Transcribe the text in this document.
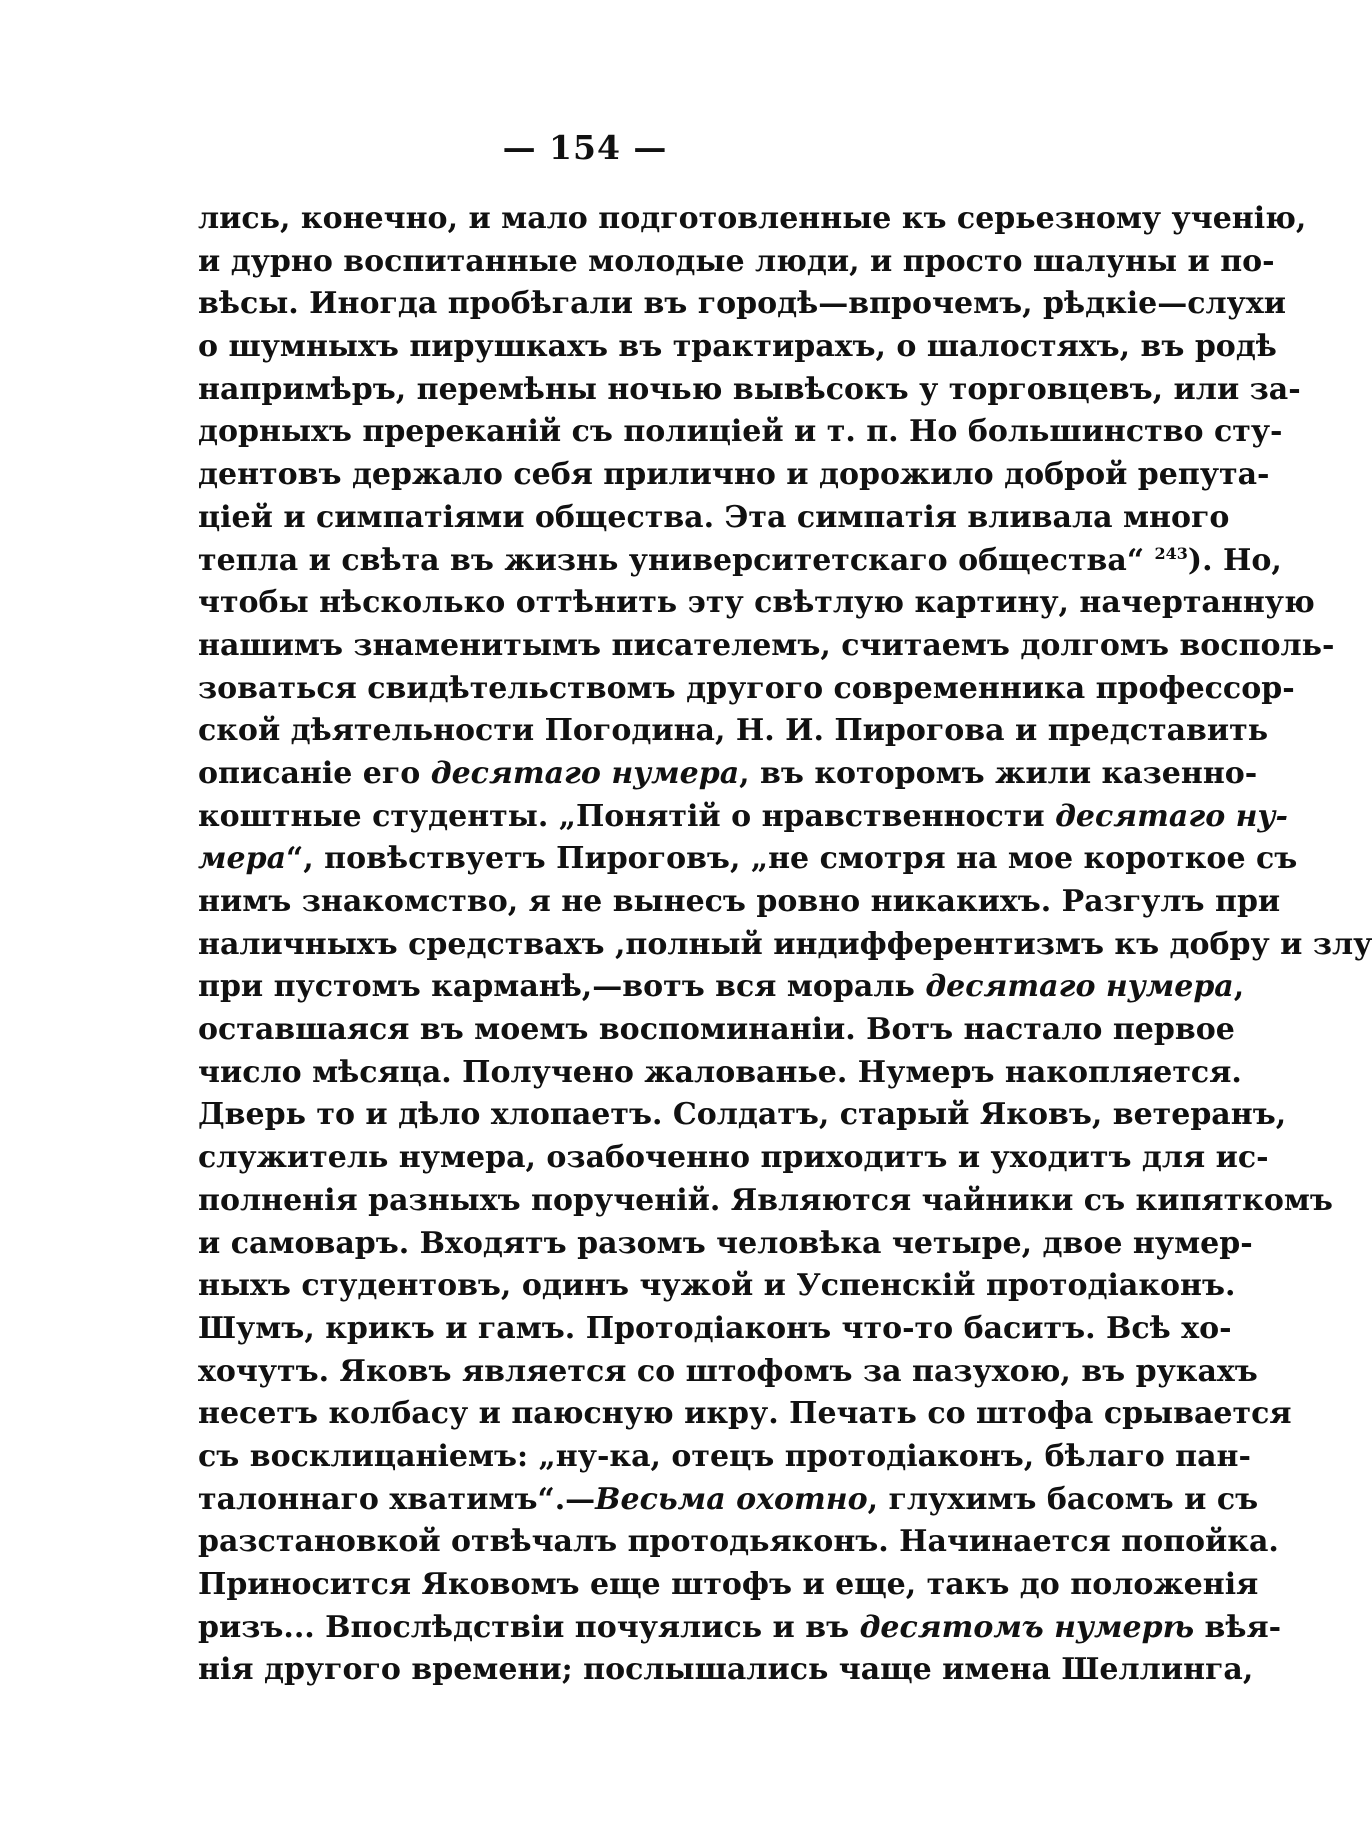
— 154 —
лись, конечно, и мало подготовленные къ серьезному ученію,
и дурно воспитанные молодые люди, и просто шалуны и по-
вѣсы. Иногда пробѣгали въ городѣ—впрочемъ, рѣдкіе—слухи
о шумныхъ пирушкахъ въ трактирахъ, о шалостяхъ, въ родѣ
напримѣръ, перемѣны ночью вывѣсокъ у торговцевъ, или за-
дорныхъ пререканій съ полиціей и т. п. Но большинство сту-
дентовъ держало себя прилично и дорожило доброй репута-
ціей и симпатіями общества. Эта симпатія вливала много
тепла и свѣта въ жизнь университетскаго общества“ $^{243}$). Но,
чтобы нѣсколько оттѣнить эту свѣтлую картину, начертанную
нашимъ знаменитымъ писателемъ, считаемъ долгомъ восполь-
зоваться свидѣтельствомъ другого современника профессор-
ской дѣятельности Погодина, Н. И. Пирогова и представить
описаніе его десятаго нумера, въ которомъ жили казенно-
коштные студенты. „Понятій о нравственности десятаго ну-
мера“, повѣствуетъ Пироговъ, „не смотря на мое короткое съ
нимъ знакомство, я не вынесъ ровно никакихъ. Разгулъ при
наличныхъ средствахъ ,полный индифферентизмъ къ добру и злу
при пустомъ карманѣ,—вотъ вся мораль десятаго нумера,
оставшаяся въ моемъ воспоминаніи. Вотъ настало первое
число мѣсяца. Получено жалованье. Нумеръ накопляется.
Дверь то и дѣло хлопаетъ. Солдатъ, старый Яковъ, ветеранъ,
служитель нумера, озабоченно приходитъ и уходитъ для ис-
полненія разныхъ порученій. Являются чайники съ кипяткомъ
и самоваръ. Входятъ разомъ человѣка четыре, двое нумер-
ныхъ студентовъ, одинъ чужой и Успенскій протодіаконъ.
Шумъ, крикъ и гамъ. Протодіаконъ что-то баситъ. Всѣ хо-
хочутъ. Яковъ является со штофомъ за пазухою, въ рукахъ
несетъ колбасу и паюсную икру. Печать со штофа срывается
съ восклицаніемъ: „ну-ка, отецъ протодіаконъ, бѣлаго пан-
талоннаго хватимъ“.—Весьма охотно, глухимъ басомъ и съ
разстановкой отвѣчалъ протодьяконъ. Начинается попойка.
Приносится Яковомъ еще штофъ и еще, такъ до положенія
ризъ... Впослѣдствіи почуялись и въ десятомъ нумерѣ вѣя-
нія другого времени; послышались чаще имена Шеллинга,
